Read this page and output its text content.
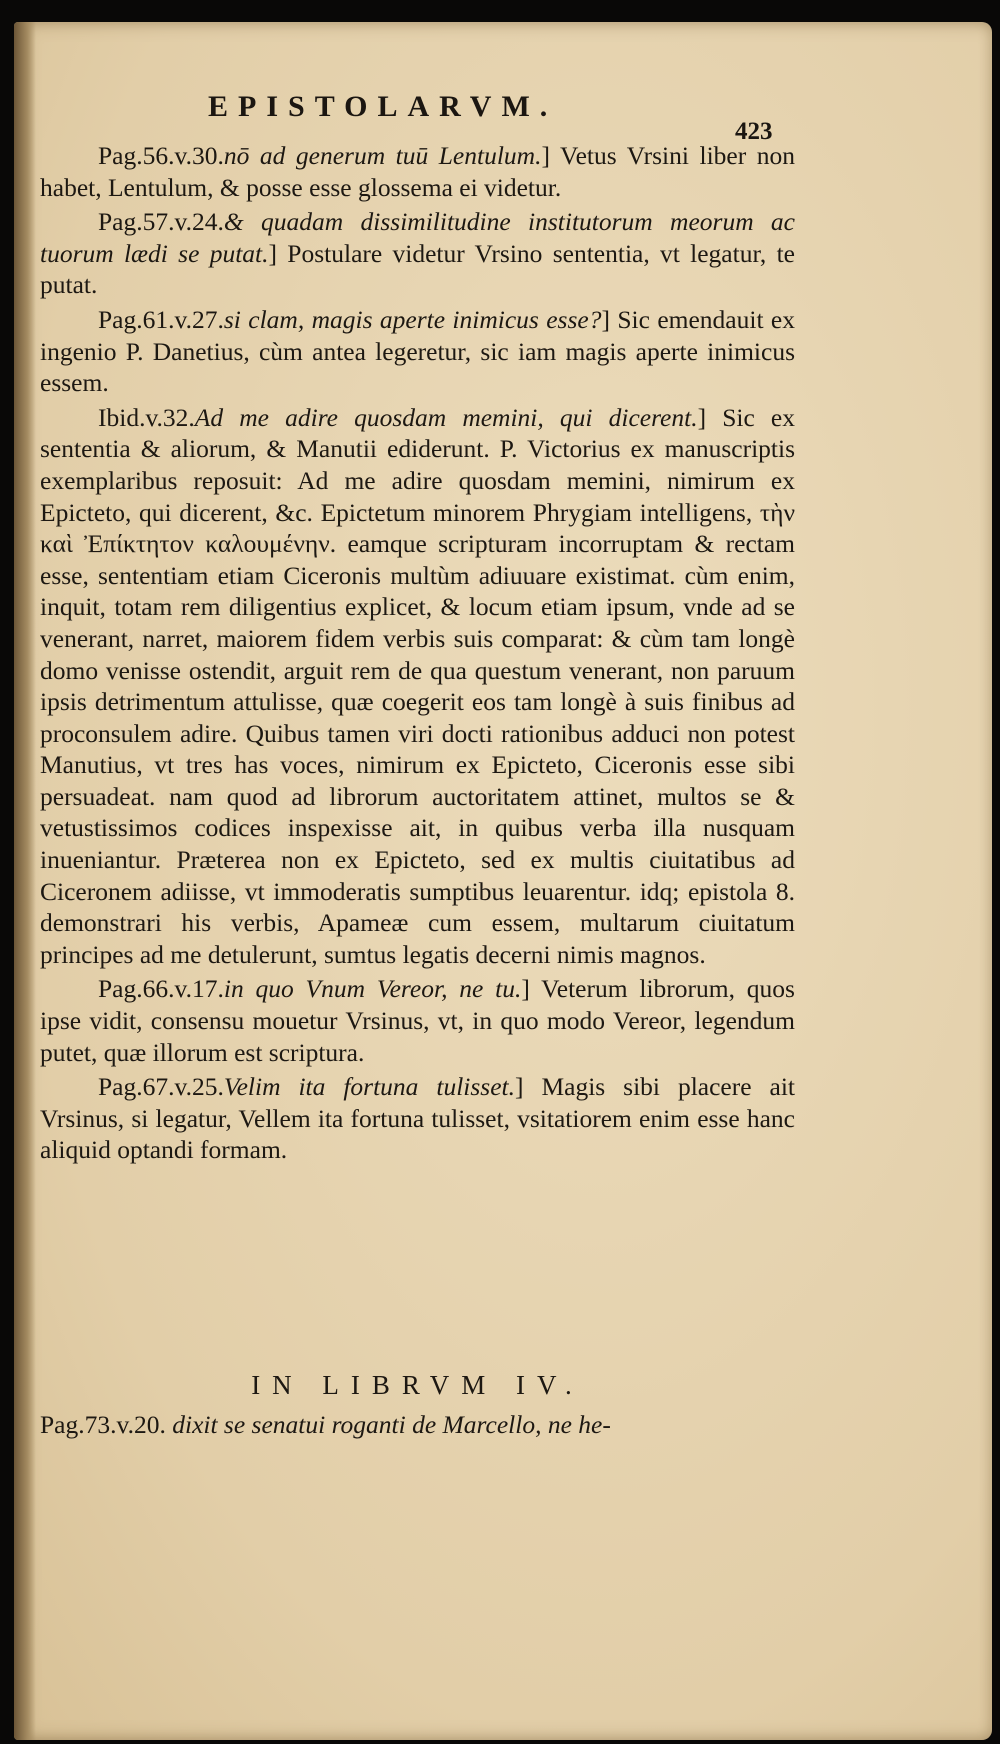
EPISTOLARVM.
423

Pag.56.v.30.nō ad generum tuū Lentulum.] Vetus Vrsini liber non habet, Lentulum, & posse esse glossema ei videtur.

Pag.57.v.24.& quadam dissimilitudine institutorum meorum ac tuorum lædi se putat.] Postulare videtur Vrsino sententia, vt legatur, te putat.

Pag.61.v.27.si clam, magis aperte inimicus esse?] Sic emendauit ex ingenio P. Danetius, cùm antea legeretur, sic iam magis aperte inimicus essem.

Ibid.v.32.Ad me adire quosdam memini, qui dicerent.] Sic ex sententia & aliorum, & Manutii ediderunt. P. Victorius ex manuscriptis exemplaribus reposuit: Ad me adire quosdam memini, nimirum ex Epicteto, qui dicerent, &c. Epictetum minorem Phrygiam intelligens, τὴν καὶ Ἐπίκτητον καλουμένην. eamque scripturam incorruptam & rectam esse, sententiam etiam Ciceronis multùm adiuuare existimat. cùm enim, inquit, totam rem diligentius explicet, & locum etiam ipsum, vnde ad se venerant, narret, maiorem fidem verbis suis comparat: & cùm tam longè domo venisse ostendit, arguit rem de qua questum venerant, non paruum ipsis detrimentum attulisse, quæ coegerit eos tam longè à suis finibus ad proconsulem adire. Quibus tamen viri docti rationibus adduci non potest Manutius, vt tres has voces, nimirum ex Epicteto, Ciceronis esse sibi persuadeat. nam quod ad librorum auctoritatem attinet, multos se & vetustissimos codices inspexisse ait, in quibus verba illa nusquam inueniantur. Præterea non ex Epicteto, sed ex multis ciuitatibus ad Ciceronem adiisse, vt immoderatis sumptibus leuarentur. idq; epistola 8. demonstrari his verbis, Apameæ cum essem, multarum ciuitatum principes ad me detulerunt, sumtus legatis decerni nimis magnos.

Pag.66.v.17.in quo Vnum Vereor, ne tu.] Veterum librorum, quos ipse vidit, consensu mouetur Vrsinus, vt, in quo modo Vereor, legendum putet, quæ illorum est scriptura.

Pag.67.v.25.Velim ita fortuna tulisset.] Magis sibi placere ait Vrsinus, si legatur, Vellem ita fortuna tulisset, vsitatiorem enim esse hanc aliquid optandi formam.

IN LIBRVM IV.
Pag.73.v.20. dixit se senatui roganti de Marcello, ne he-
